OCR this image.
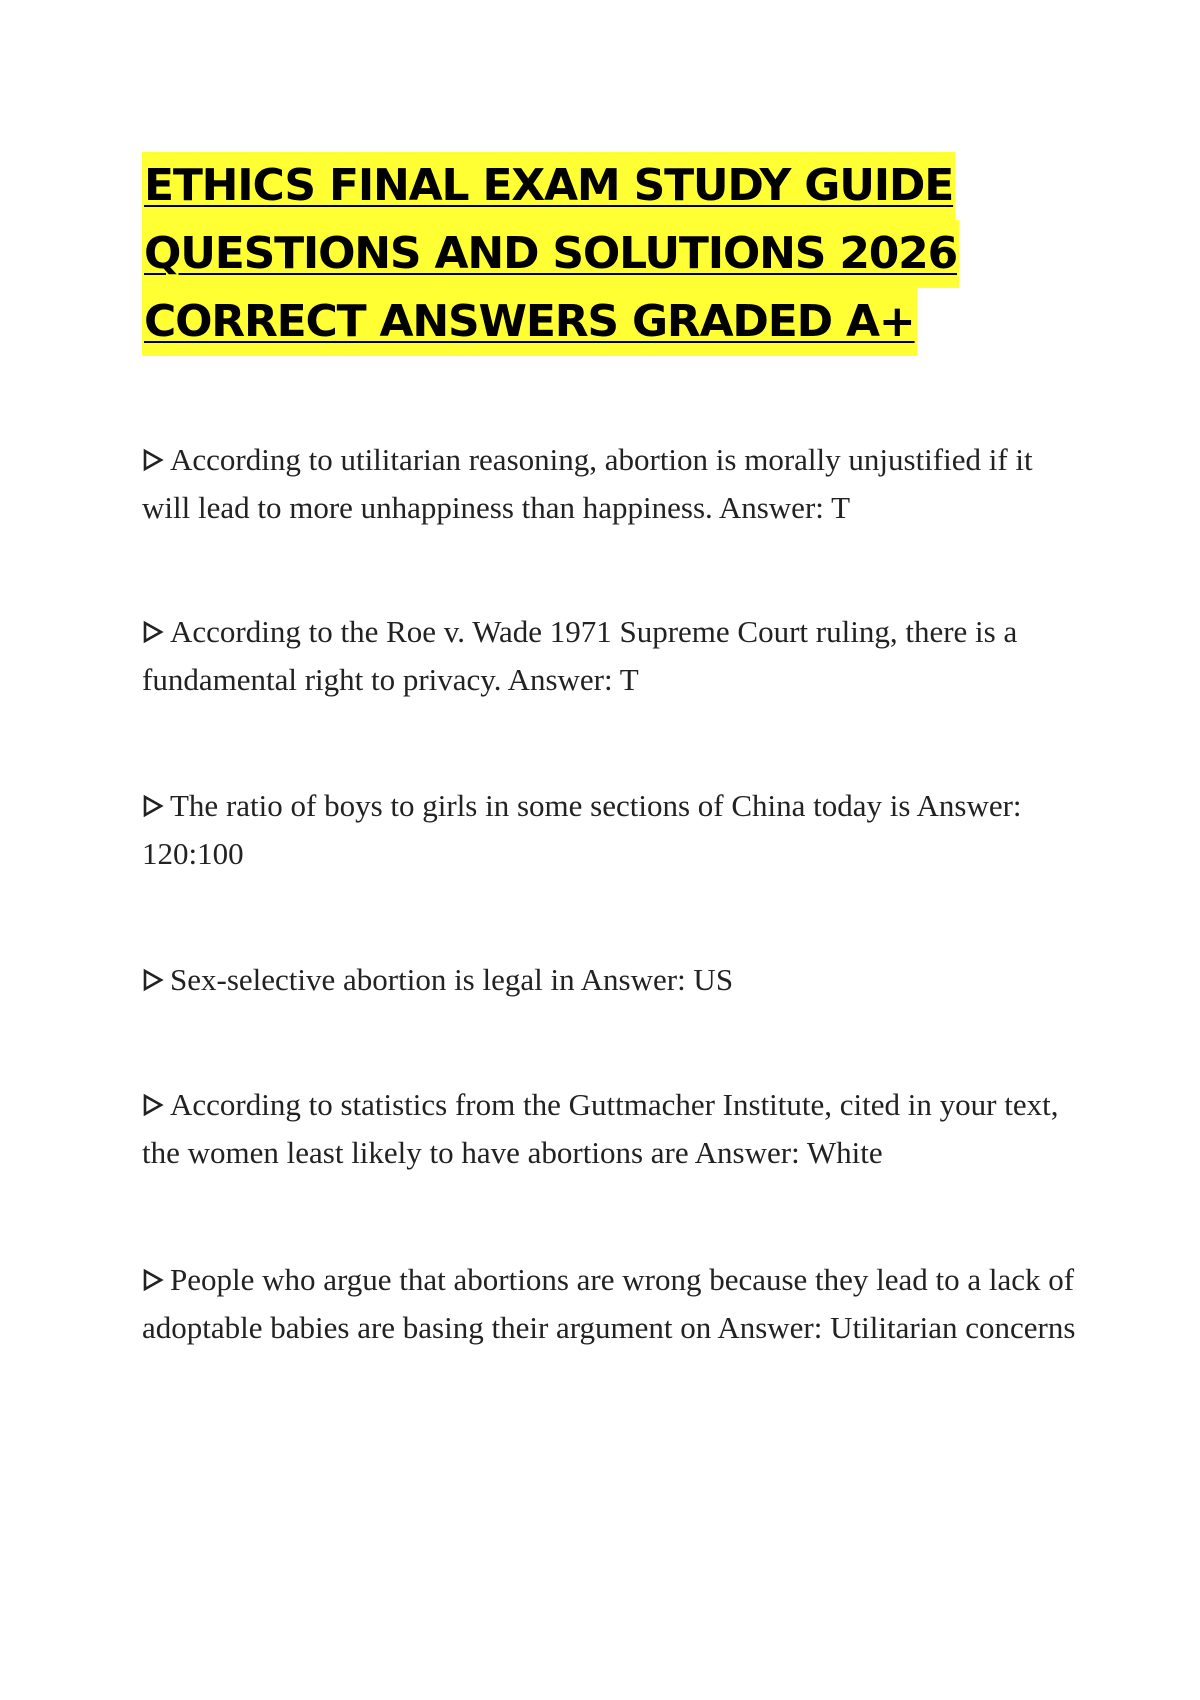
ETHICS FINAL EXAM STUDY GUIDE
QUESTIONS AND SOLUTIONS 2026
CORRECT ANSWERS GRADED A+
According to utilitarian reasoning, abortion is morally unjustified if it will lead to more unhappiness than happiness. Answer: T
According to the Roe v. Wade 1971 Supreme Court ruling, there is a fundamental right to privacy. Answer: T
The ratio of boys to girls in some sections of China today is Answer: 120:100
Sex-selective abortion is legal in Answer: US
According to statistics from the Guttmacher Institute, cited in your text, the women least likely to have abortions are Answer: White
People who argue that abortions are wrong because they lead to a lack of adoptable babies are basing their argument on Answer: Utilitarian concerns
